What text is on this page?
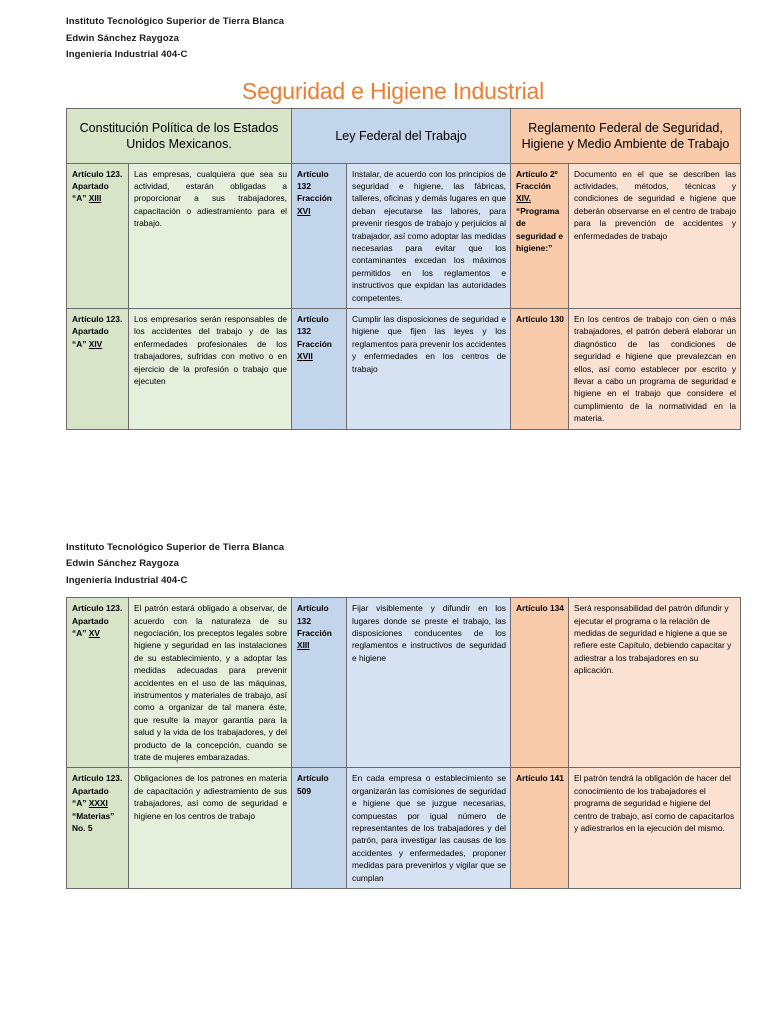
Instituto Tecnológico Superior de Tierra Blanca
Edwin Sánchez Raygoza
Ingeniería Industrial 404-C
Seguridad e Higiene Industrial
Constitución Política de los Estados Unidos Mexicanos.		Ley Federal del Trabajo		Reglamento Federal de Seguridad, Higiene y Medio Ambiente de Trabajo	
Artículo 123. Apartado “A” XIII	Las empresas, cualquiera que sea su actividad, estarán obligadas a proporcionar a sus trabajadores, capacitación o adiestramiento para el trabajo.	Artículo 132 Fracción XVI	Instalar, de acuerdo con los principios de seguridad e higiene, las fábricas, talleres, oficinas y demás lugares en que deban ejecutarse las labores, para prevenir riesgos de trabajo y perjuicios al trabajador, así como adoptar las medidas necesarias para evitar que los contaminantes excedan los máximos permitidos en los reglamentos e instructivos que expidan las autoridades competentes.	Artículo 2º Fracción XIV. “Programa de seguridad e higiene:”	Documento en el que se describen las actividades, métodos, técnicas y condiciones de seguridad e higiene que deberán observarse en el centro de trabajo para la prevención de accidentes y enfermedades de trabajo
Artículo 123. Apartado “A” XIV	Los empresarios serán responsables de los accidentes del trabajo y de las enfermedades profesionales de los trabajadores, sufridas con motivo o en ejercicio de la profesión o trabajo que ejecuten	Artículo 132 Fracción XVII	Cumplir las disposiciones de seguridad e higiene que fijen las leyes y los reglamentos para prevenir los accidentes y enfermedades en los centros de trabajo	Artículo 130	En los centros de trabajo con cien o más trabajadores, el patrón deberá elaborar un diagnóstico de las condiciones de seguridad e higiene que prevalezcan en ellos, así como establecer por escrito y llevar a cabo un programa de seguridad e higiene en el trabajo que considere el cumplimiento de la normatividad en la materia.
Instituto Tecnológico Superior de Tierra Blanca
Edwin Sánchez Raygoza
Ingeniería Industrial 404-C
Artículo 123. Apartado “A” XV	El patrón estará obligado a observar, de acuerdo con la naturaleza de su negociación, los preceptos legales sobre higiene y seguridad en las instalaciones de su establecimiento, y a adoptar las medidas adecuadas para prevenir accidentes en el uso de las máquinas, instrumentos y materiales de trabajo, así como a organizar de tal manera éste, que resulte la mayor garantía para la salud y la vida de los trabajadores, y del producto de la concepción, cuando se trate de mujeres embarazadas.	Artículo 132 Fracción XIII	Fijar visiblemente y difundir en los lugares donde se preste el trabajo, las disposiciones conducentes de los reglamentos e instructivos de seguridad e higiene	Artículo 134	Será responsabilidad del patrón difundir y ejecutar el programa o la relación de medidas de seguridad e higiene a que se refiere este Capítulo, debiendo capacitar y adiestrar a los trabajadores en su aplicación.
Artículo 123. Apartado “A” XXXI “Materias” No. 5	Obligaciones de los patrones en materia de capacitación y adiestramiento de sus trabajadores, así como de seguridad e higiene en los centros de trabajo	Artículo 509	En cada empresa o establecimiento se organizarán las comisiones de seguridad e higiene que se juzgue necesarias, compuestas por igual número de representantes de los trabajadores y del patrón, para investigar las causas de los accidentes y enfermedades, proponer medidas para prevenirlos y vigilar que se cumplan	Artículo 141	El patrón tendrá la obligación de hacer del conocimiento de los trabajadores el programa de seguridad e higiene del centro de trabajo, así como de capacitarlos y adiestrarlos en la ejecución del mismo.
